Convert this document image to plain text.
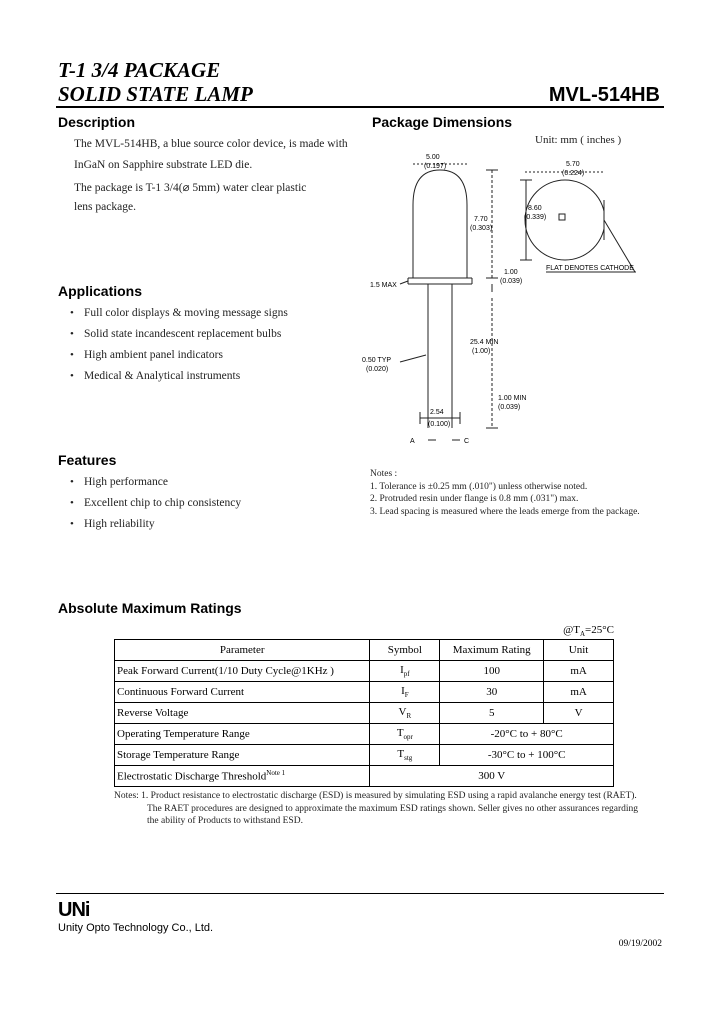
T-1 3/4 PACKAGE
SOLID STATE LAMP	MVL-514HB
Description
The MVL-514HB, a blue source color device, is made with
InGaN on Sapphire substrate LED die.
The package is T-1 3/4(⌀ 5mm) water clear plastic
lens package.
Applications
• Full color displays & moving message signs
• Solid state incandescent replacement bulbs
• High ambient panel indicators
• Medical & Analytical instruments
Features
• High performance
• Excellent chip to chip consistency
• High reliability
Package Dimensions
Unit: mm ( inches )
5.00
(0.197)	5.70
(0.224)
7.70
(0.303)
8.60
(0.339)
1.00
(0.039)
25.4 MIN
(1.00)
0.50 TYP
(0.020)
1.00 MIN
(0.039)
2.54
(0.100)
1.5 MAX
FLAT DENOTES CATHODE
A	C
Notes :
1. Tolerance is ±0.25 mm (.010") unless otherwise noted.
2. Protruded resin under flange is 0.8 mm (.031") max.
3. Lead spacing is measured where the leads emerge from the package.
Absolute Maximum Ratings
$@T_A=25^\circ C$
Parameter	Symbol	Maximum Rating	Unit
Peak Forward Current(1/10 Duty Cycle@1KHz )	$I_{pf}$	100	mA
Continuous Forward Current	$I_F$	30	mA
Reverse Voltage	$V_R$	5	V
Operating Temperature Range	$T_{opr}$	-20°C to + 80°C	
Storage Temperature Range	$T_{stg}$	-30°C to + 100°C	
Electrostatic Discharge Threshold$^{Note 1}$	300 V		
Notes: 1. Product resistance to electrostatic discharge (ESD) is measured by simulating ESD using a rapid avalanche energy test (RAET).
The RAET procedures are designed to approximate the maximum ESD ratings shown. Seller gives no other assurances regarding
the ability of Products to withstand ESD.
UNi
Unity Opto Technology Co., Ltd.
09/19/2002
